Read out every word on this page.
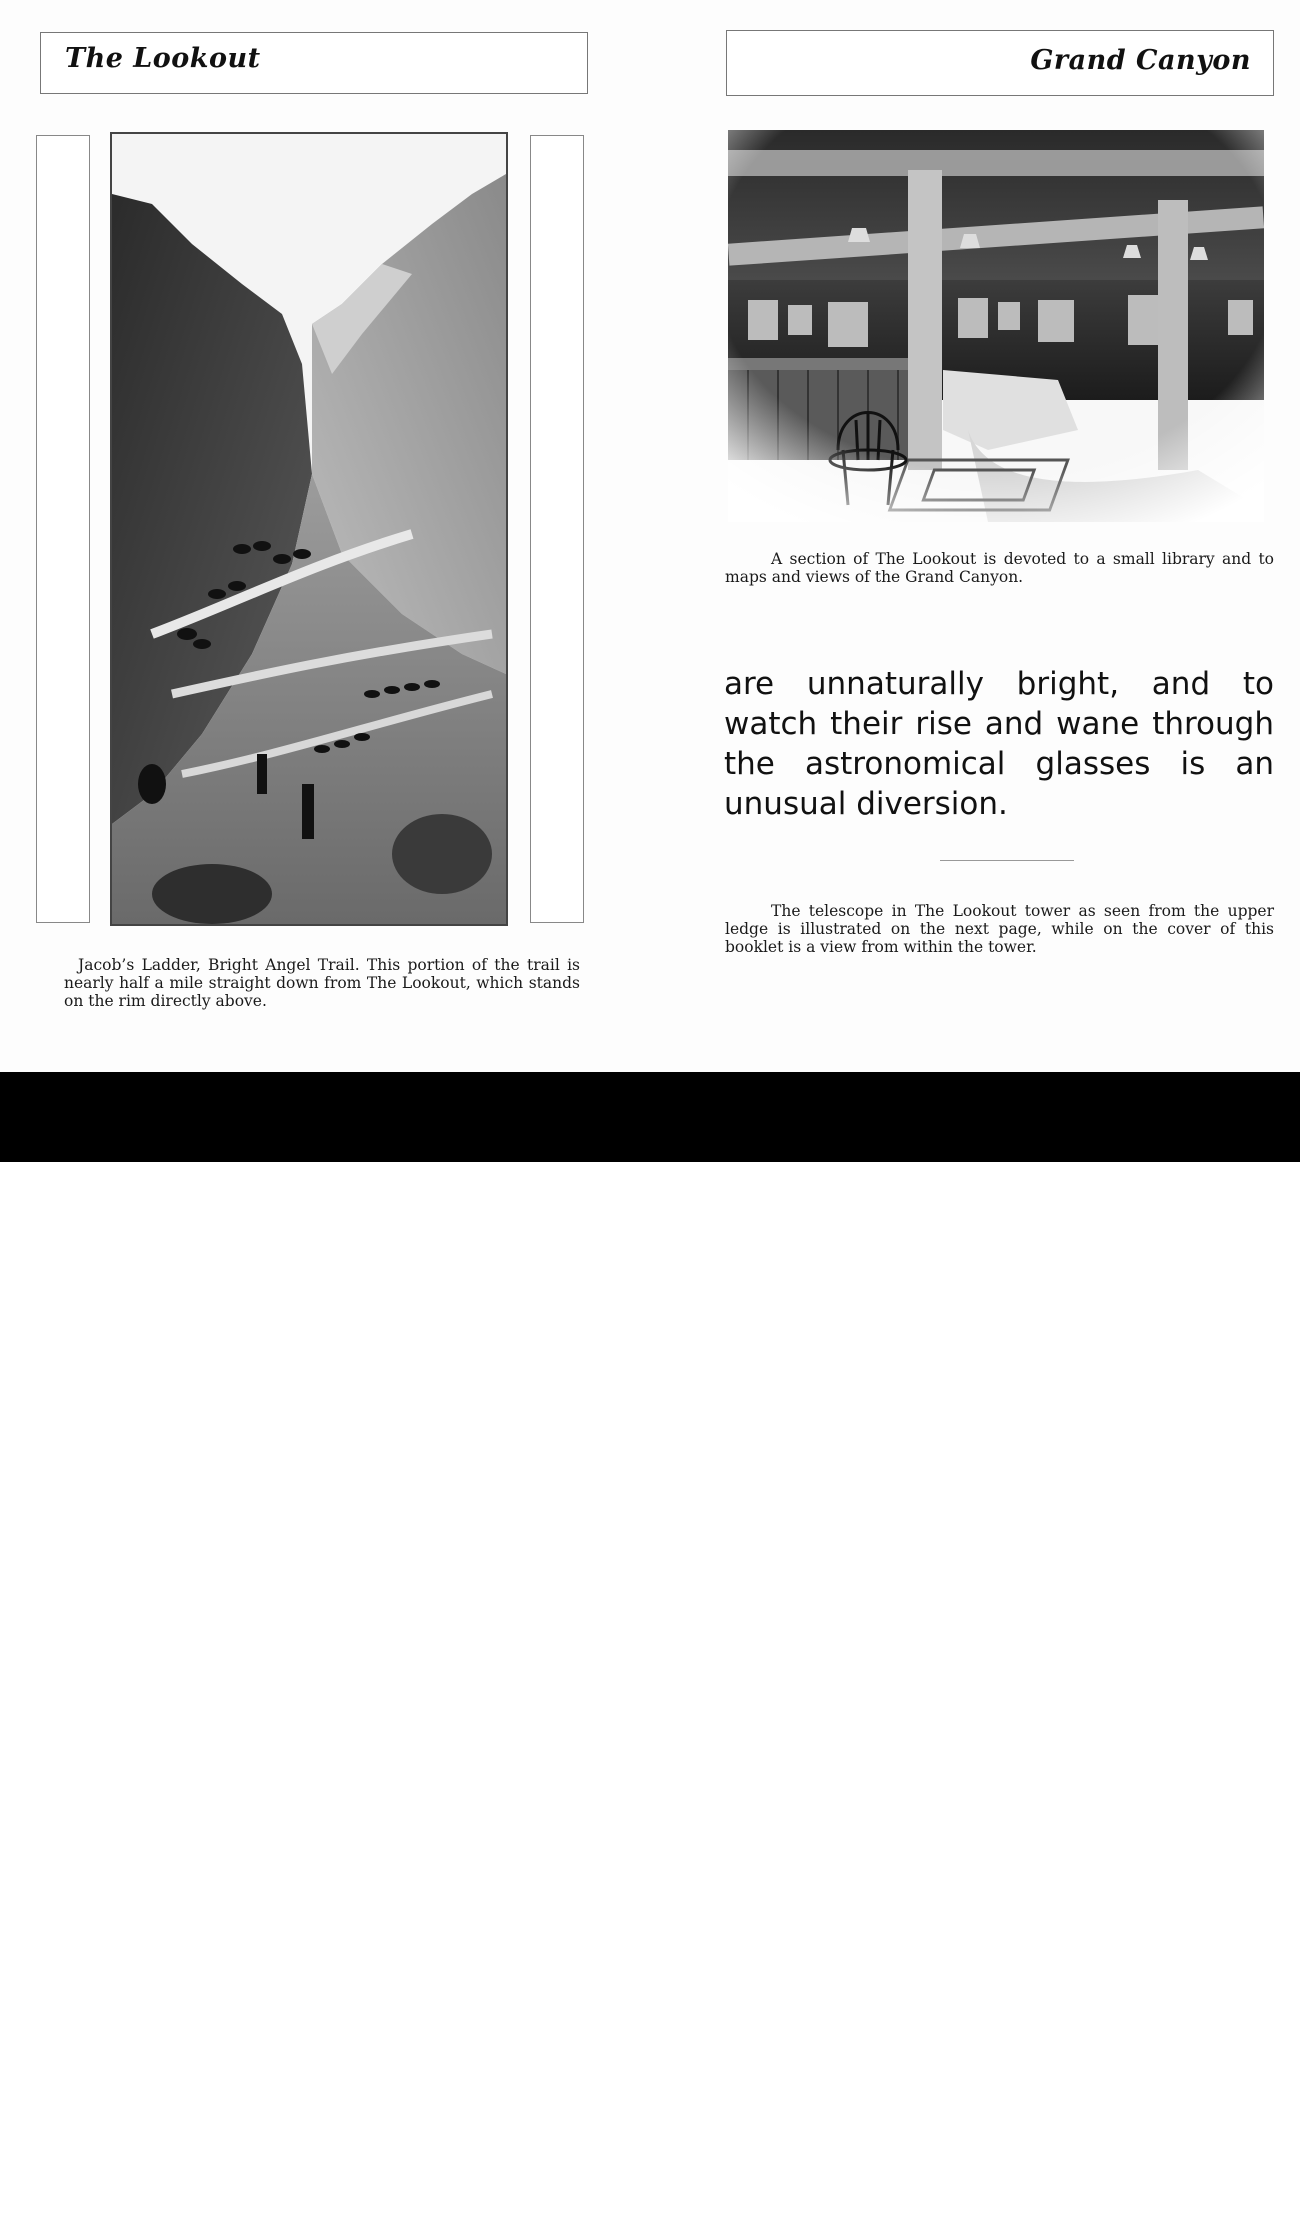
The Lookout
Jacob’s Ladder, Bright Angel Trail. This portion of the trail is nearly half a mile straight down from The Lookout, which stands on the rim directly above.
Grand Canyon
A section of The Lookout is devoted to a small library and to maps and views of the Grand Canyon.
are unnaturally bright, and to watch their rise and wane through the astronomical glasses is an unusual diversion.
The telescope in The Lookout tower as seen from the upper ledge is illustrated on the next page, while on the cover of this booklet is a view from within the tower.
alamy	Image ID: HA2243
www.alamy.com
